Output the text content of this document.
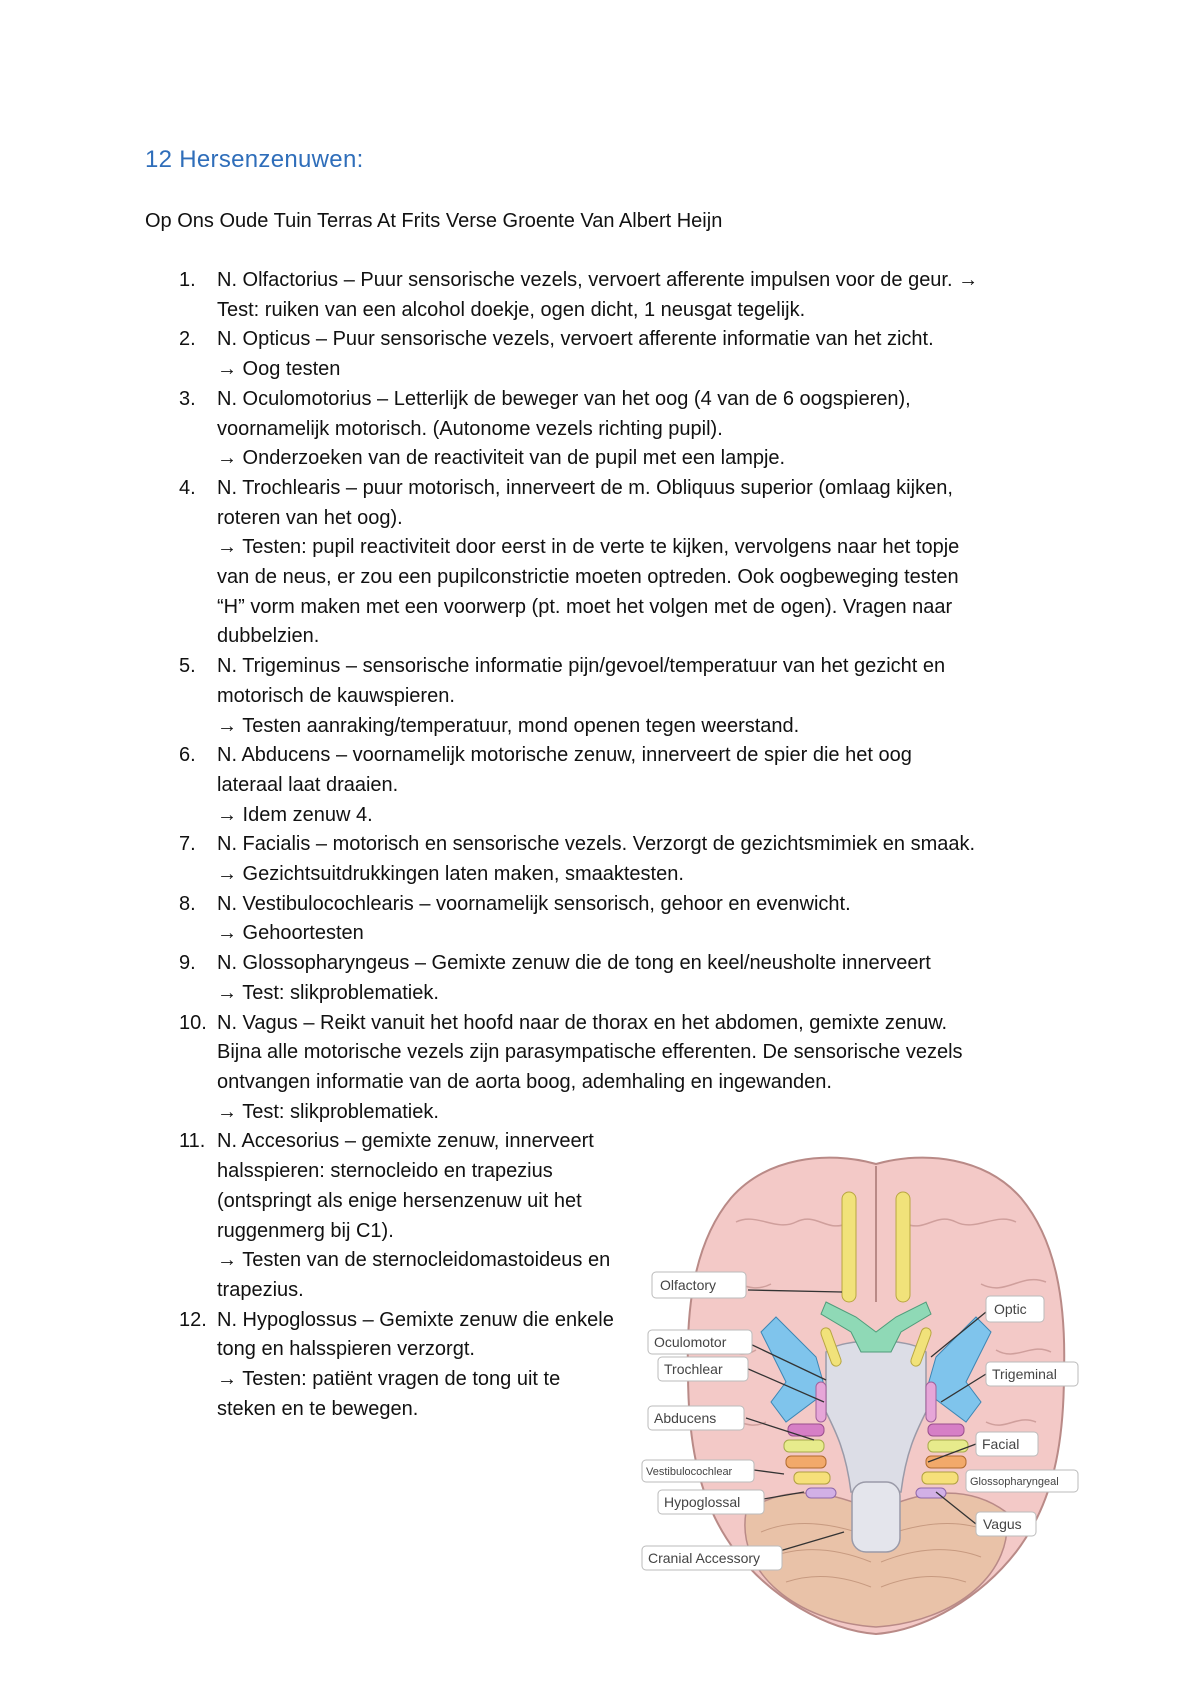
12 Hersenzenuwen:

Op Ons Oude Tuin Terras At Frits Verse Groente Van Albert Heijn

1.	N. Olfactorius – Puur sensorische vezels, vervoert afferente impulsen voor de geur. →

Test: ruiken van een alcohol doekje, ogen dicht, 1 neusgat tegelijk.

2.	N. Opticus – Puur sensorische vezels, vervoert afferente informatie van het zicht.

→ Oog testen

3.	N. Oculomotorius – Letterlijk de beweger van het oog (4 van de 6 oogspieren),

voornamelijk motorisch. (Autonome vezels richting pupil).

→ Onderzoeken van de reactiviteit van de pupil met een lampje.

4.	N. Trochlearis – puur motorisch, innerveert de m. Obliquus superior (omlaag kijken,

roteren van het oog).

→ Testen: pupil reactiviteit door eerst in de verte te kijken, vervolgens naar het topje

van de neus, er zou een pupilconstrictie moeten optreden. Ook oogbeweging testen

“H” vorm maken met een voorwerp (pt. moet het volgen met de ogen). Vragen naar

dubbelzien.

5.	N. Trigeminus – sensorische informatie pijn/gevoel/temperatuur van het gezicht en

motorisch de kauwspieren.

→ Testen aanraking/temperatuur, mond openen tegen weerstand.

6.	N. Abducens – voornamelijk motorische zenuw, innerveert de spier die het oog

lateraal laat draaien.

→ Idem zenuw 4.

7.	N. Facialis – motorisch en sensorische vezels. Verzorgt de gezichtsmimiek en smaak.

→ Gezichtsuitdrukkingen laten maken, smaaktesten.

8.	N. Vestibulocochlearis – voornamelijk sensorisch, gehoor en evenwicht.

→ Gehoortesten

9.	N. Glossopharyngeus – Gemixte zenuw die de tong en keel/neusholte innerveert

→ Test: slikproblematiek.

10. N. Vagus – Reikt vanuit het hoofd naar de thorax en het abdomen, gemixte zenuw.

Bijna alle motorische vezels zijn parasympatische efferenten. De sensorische vezels

ontvangen informatie van de aorta boog, ademhaling en ingewanden.

→ Test: slikproblematiek.

11. N. Accesorius – gemixte zenuw, innerveert

halsspieren: sternocleido en trapezius

(ontspringt als enige hersenzenuw uit het

ruggenmerg bij C1).

→ Testen van de sternocleidomastoideus en

trapezius.

12. N. Hypoglossus – Gemixte zenuw die enkele

tong en halsspieren verzorgt.

→ Testen: patiënt vragen de tong uit te

steken en te bewegen.

Olfactory
Optic
Oculomotor
Trochlear	Trigeminal
Abducens
Facial
Vestibulocochlear
Glossopharyngeal
Hypoglossal
Vagus
Cranial Accessory
